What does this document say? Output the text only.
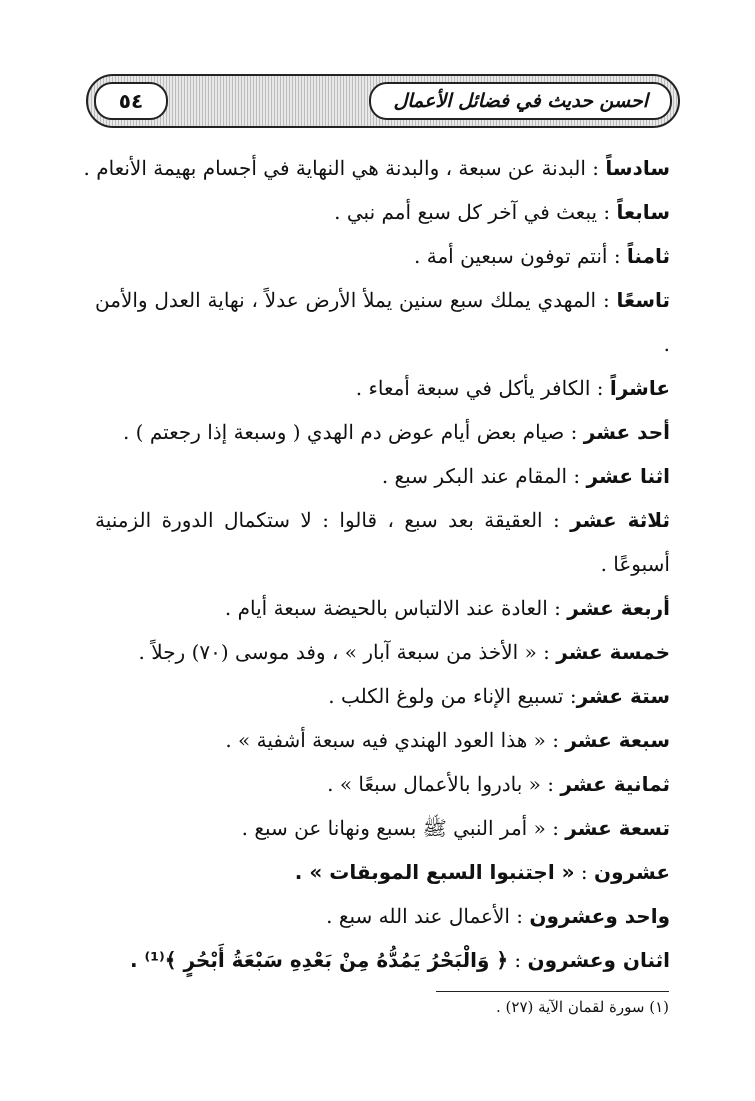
٥٤	احسن حديث في فضائل الأعمال

سادساً : البدنة عن سبعة ، والبدنة هي النهاية في أجسام بهيمة الأنعام .

سابعاً : يبعث في آخر كل سبع أمم نبي .

ثامناً : أنتم توفون سبعين أمة .

تاسعًا : المهدي يملك سبع سنين يملأ الأرض عدلاً ، نهاية العدل والأمن .

عاشراً : الكافر يأكل في سبعة أمعاء .

أحد عشر : صيام بعض أيام عوض دم الهدي ( وسبعة إذا رجعتم ) .

اثنا عشر : المقام عند البكر سبع .

ثلاثة عشر : العقيقة بعد سبع ، قالوا : لا ستكمال الدورة الزمنية أسبوعًا .

أربعة عشر : العادة عند الالتباس بالحيضة سبعة أيام .

خمسة عشر : « الأخذ من سبعة آبار » ، وفد موسى (٧٠) رجلاً .

ستة عشر: تسبيع الإناء من ولوغ الكلب .

سبعة عشر : « هذا العود الهندي فيه سبعة أشفية » .

ثمانية عشر : « بادروا بالأعمال سبعًا » .

تسعة عشر : « أمر النبي ﷺ بسبع ونهانا عن سبع .

عشرون : « اجتنبوا السبع الموبقات » .

واحد وعشرون : الأعمال عند الله سبع .

اثنان وعشرون : ﴿ وَالْبَحْرُ يَمُدُّهُ مِنْ بَعْدِهِ سَبْعَةُ أَبْحُرٍ ﴾⁽¹⁾ .

(١) سورة لقمان الآية (٢٧) .
